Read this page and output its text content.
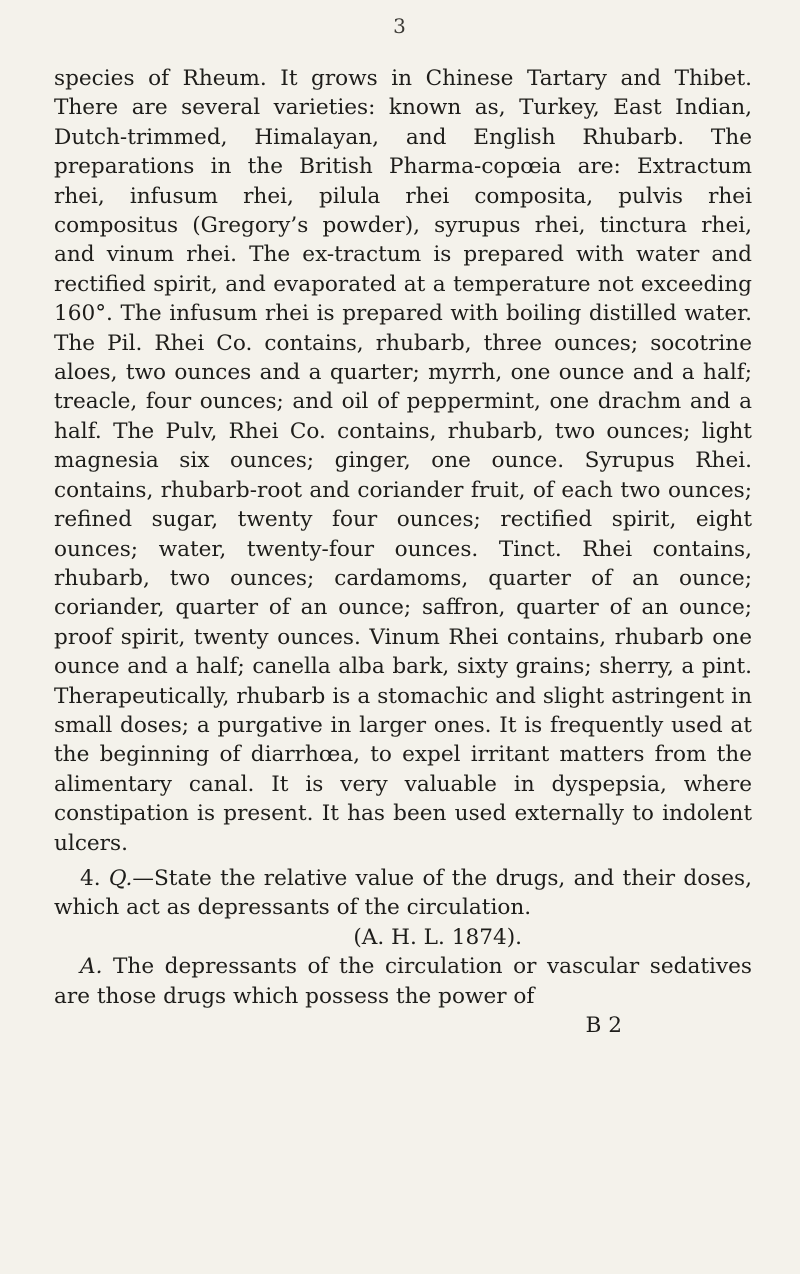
3

species of Rheum. It grows in Chinese Tartary and Thibet. There are several varieties: known as, Turkey, East Indian, Dutch-trimmed, Himalayan, and English Rhubarb. The preparations in the British Pharma-copœia are: Extractum rhei, infusum rhei, pilula rhei composita, pulvis rhei compositus (Gregory’s powder), syrupus rhei, tinctura rhei, and vinum rhei. The ex-tractum is prepared with water and rectified spirit, and evaporated at a temperature not exceeding 160°. The infusum rhei is prepared with boiling distilled water. The Pil. Rhei Co. contains, rhubarb, three ounces; socotrine aloes, two ounces and a quarter; myrrh, one ounce and a half; treacle, four ounces; and oil of peppermint, one drachm and a half. The Pulv, Rhei Co. contains, rhubarb, two ounces; light magnesia six ounces; ginger, one ounce. Syrupus Rhei. contains, rhubarb-root and coriander fruit, of each two ounces; refined sugar, twenty four ounces; rectified spirit, eight ounces; water, twenty-four ounces. Tinct. Rhei contains, rhubarb, two ounces; cardamoms, quarter of an ounce; coriander, quarter of an ounce; saffron, quarter of an ounce; proof spirit, twenty ounces. Vinum Rhei contains, rhubarb one ounce and a half; canella alba bark, sixty grains; sherry, a pint. Therapeutically, rhubarb is a stomachic and slight astringent in small doses; a purgative in larger ones. It is frequently used at the beginning of diarrhœa, to expel irritant matters from the alimentary canal. It is very valuable in dyspepsia, where constipation is present. It has been used externally to indolent ulcers.

4. Q.—State the relative value of the drugs, and their doses, which act as depressants of the circulation.

(A. H. L. 1874).

A. The depressants of the circulation or vascular sedatives are those drugs which possess the power of

B 2
